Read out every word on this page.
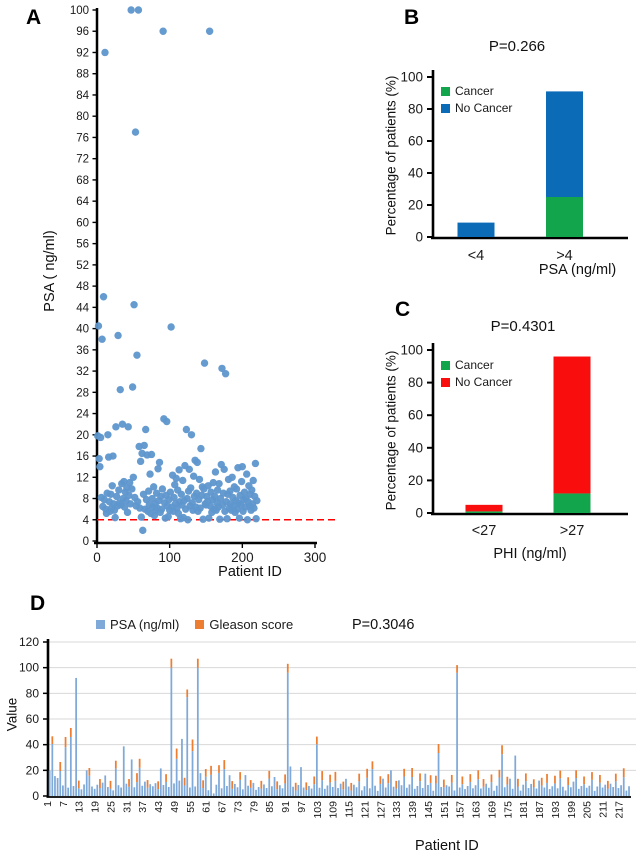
0
4
8
12
16
20
24
28
32
36
40
44
48
52
56
60
64
68
72
76
80
84
88
92
96
100
0	100	200	300
A
PSA ( ng/ml)
Patient ID
0
20
40
60
80
100
<4	>4
B
P=0.266
Cancer
No Cancer
Percentage of patients (%)
PSA (ng/ml)
0
20
40
60
80
100
<27	>27
C
P=0.4301
Cancer
No Cancer
Percentage of patients (%)
PHI (ng/ml)
0
20
40
60
80
100
120
1 7 13 19 25 31 37 43 49 55 61 67 73 79 85 91 97 103 109 115 121 127 133 139 145 151 157 163 169 175 181 187 193 199 205 211 217
D
PSA (ng/ml) Gleason score	P=0.3046
Value
Patient ID
